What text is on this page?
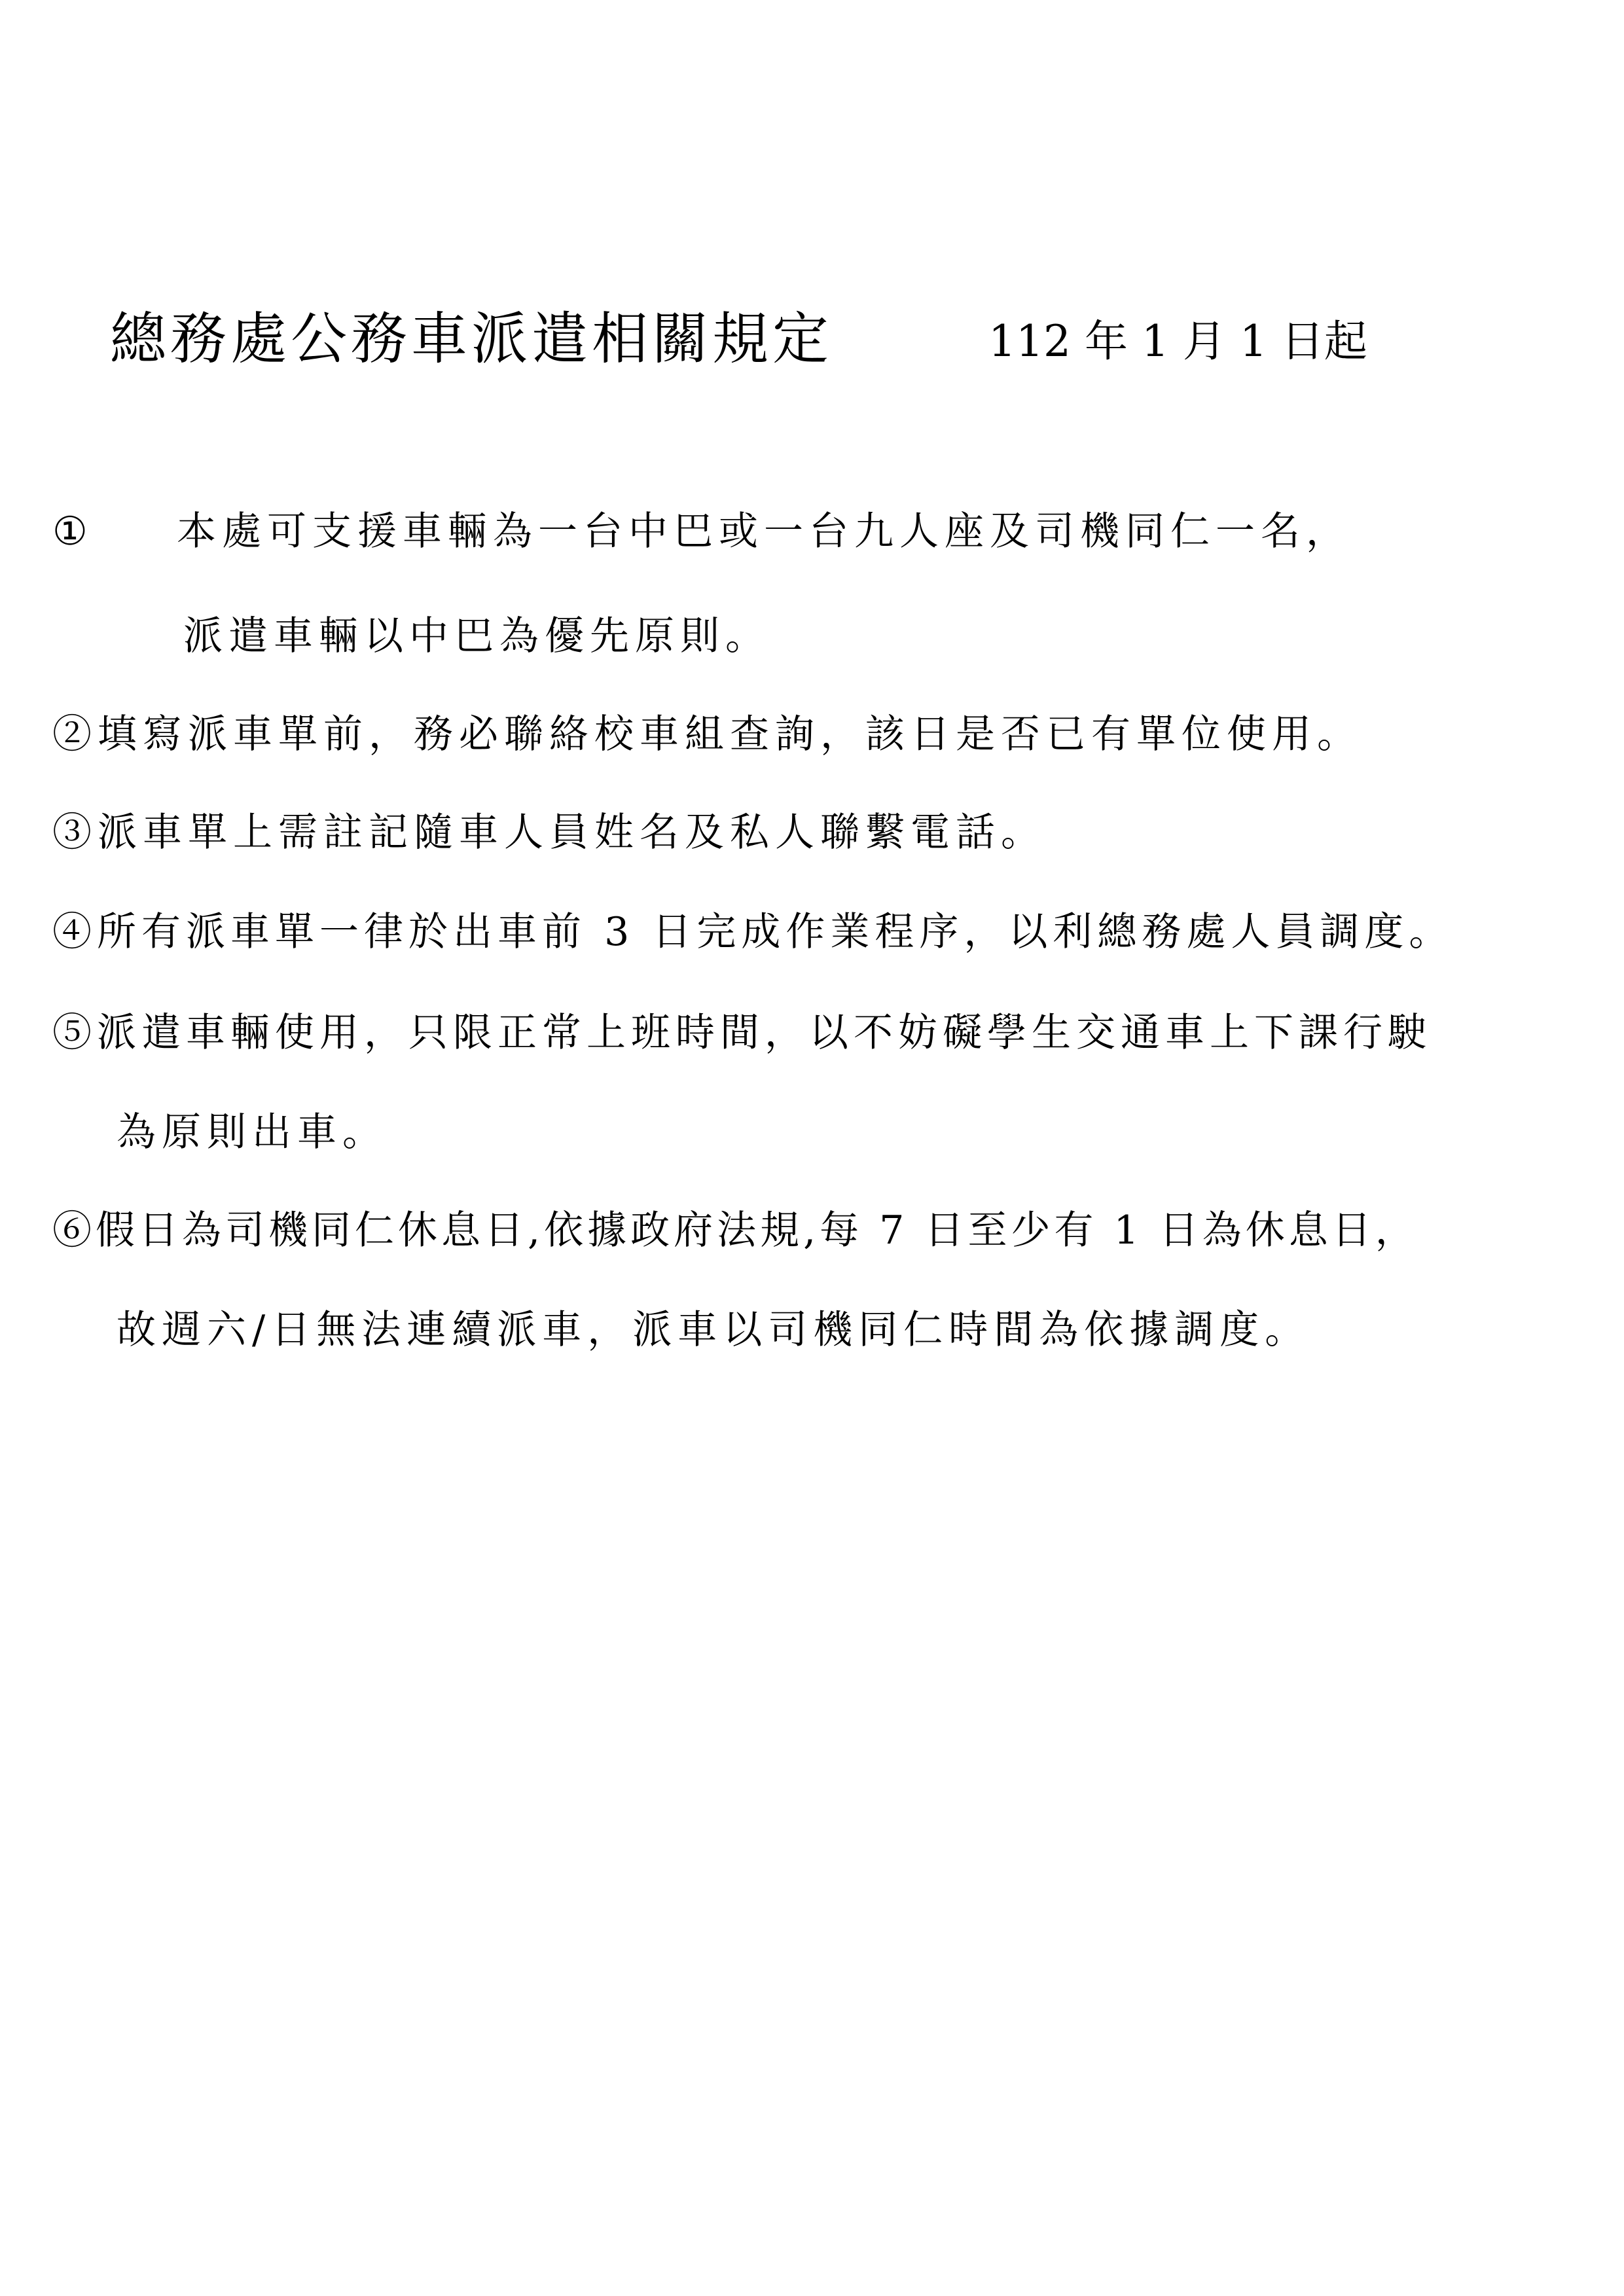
總務處公務車派遣相關規定	112 年 1 月 1 日起
① 本處可支援車輛為一台中巴或一台九人座及司機同仁一名，
派遣車輛以中巴為優先原則。
②填寫派車單前，務必聯絡校車組查詢，該日是否已有單位使用。
③派車單上需註記隨車人員姓名及私人聯繫電話。
④所有派車單一律於出車前 3 日完成作業程序，以利總務處人員調度。
⑤派遣車輛使用，只限正常上班時間，以不妨礙學生交通車上下課行駛
為原則出車。
⑥假日為司機同仁休息日,依據政府法規,每 7 日至少有 1 日為休息日，
故週六/日無法連續派車，派車以司機同仁時間為依據調度。
